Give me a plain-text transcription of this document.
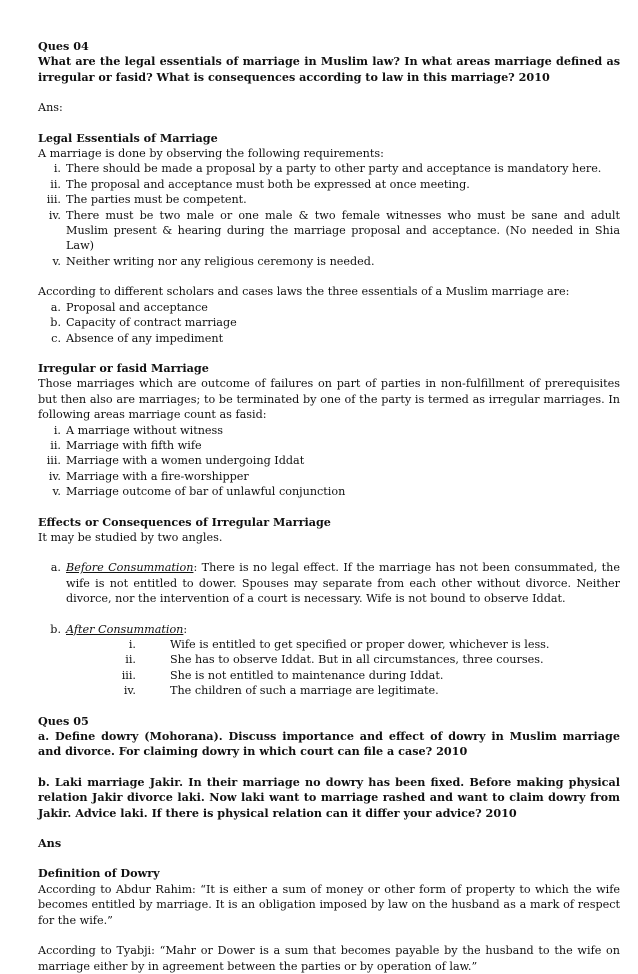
Ques 04

What are the legal essentials of marriage in Muslim law? In what areas marriage defined as irregular or fasid? What is consequences according to law in this marriage? 2010

Ans:

Legal Essentials of Marriage

A marriage is done by observing the following requirements:

i. There should be made a proposal by a party to other party and acceptance is mandatory here.
ii. The proposal and acceptance must both be expressed at once meeting.
iii. The parties must be competent.
iv. There must be two male or one male & two female witnesses who must be sane and adult Muslim present & hearing during the marriage proposal and acceptance. (No needed in Shia Law)
v. Neither writing nor any religious ceremony is needed.

According to different scholars and cases laws the three essentials of a Muslim marriage are:

a. Proposal and acceptance
b. Capacity of contract marriage
c. Absence of any impediment

Irregular or fasid Marriage

Those marriages which are outcome of failures on part of parties in non-fulfillment of prerequisites but then also are marriages; to be terminated by one of the party is termed as irregular marriages. In following areas marriage count as fasid:

i. A marriage without witness
ii. Marriage with fifth wife
iii. Marriage with a women undergoing Iddat
iv. Marriage with a fire-worshipper
v. Marriage outcome of bar of unlawful conjunction

Effects or Consequences of Irregular Marriage

It may be studied by two angles.

a. Before Consummation: There is no legal effect. If the marriage has not been consummated, the wife is not entitled to dower. Spouses may separate from each other without divorce. Neither divorce, nor the intervention of a court is necessary. Wife is not bound to observe Iddat.
b. After Consummation:
i.	Wife is entitled to get specified or proper dower, whichever is less.
ii.	She has to observe Iddat. But in all circumstances, three courses.
iii.	She is not entitled to maintenance during Iddat.
iv.	The children of such a marriage are legitimate.

Ques 05

a. Define dowry (Mohorana). Discuss importance and effect of dowry in Muslim marriage and divorce. For claiming dowry in which court can file a case? 2010

b. Laki marriage Jakir. In their marriage no dowry has been fixed. Before making physical relation Jakir divorce laki. Now laki want to marriage rashed and want to claim dowry from Jakir. Advice laki. If there is physical relation can it differ your advice? 2010

Ans

Definition of Dowry

According to Abdur Rahim: “It is either a sum of money or other form of property to which the wife becomes entitled by marriage. It is an obligation imposed by law on the husband as a mark of respect for the wife.”

According to Tyabji: “Mahr or Dower is a sum that becomes payable by the husband to the wife on marriage either by in agreement between the parties or by operation of law.”
